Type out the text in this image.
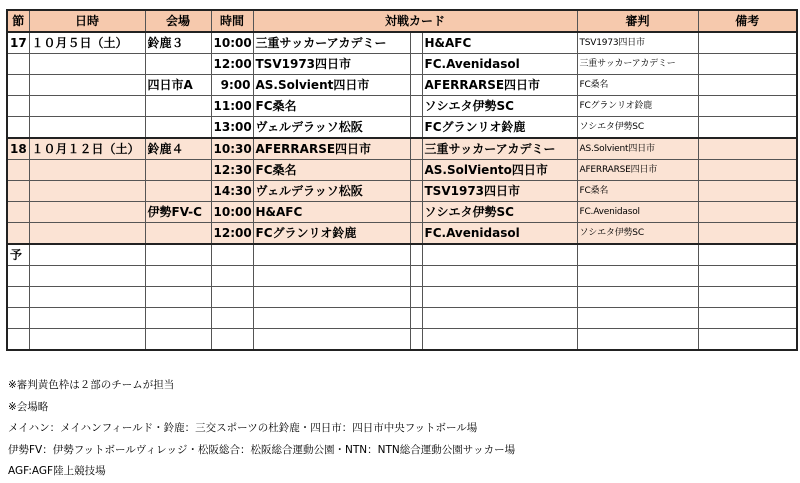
節	日時	会場	時間	対戦カード			審判	備考
17	１０月５日（土）	鈴鹿３	10:00	三重サッカーアカデミー		H&AFC	TSV1973四日市	
			12:00	TSV1973四日市		FC.Avenidasol	三重サッカーアカデミー	
		四日市A	9:00	AS.Solvient四日市		AFERRARSE四日市	FC桑名	
			11:00	FC桑名		ソシエタ伊勢SC	FCグランリオ鈴鹿	
			13:00	ヴェルデラッソ松阪		FCグランリオ鈴鹿	ソシエタ伊勢SC	
18	１０月１２日（土）	鈴鹿４	10:30	AFERRARSE四日市		三重サッカーアカデミー	AS.Solvient四日市	
			12:30	FC桑名		AS.SolViento四日市	AFERRARSE四日市	
			14:30	ヴェルデラッソ松阪		TSV1973四日市	FC桑名	
		伊勢FV-C	10:00	H&AFC		ソシエタ伊勢SC	FC.Avenidasol	
			12:00	FCグランリオ鈴鹿		FC.Avenidasol	ソシエタ伊勢SC	
予								

※審判黄色枠は２部のチームが担当

※会場略

メイハン：メイハンフィールド・鈴鹿：三交スポーツの杜鈴鹿・四日市：四日市中央フットボール場

伊勢FV：伊勢フットボールヴィレッジ・松阪総合：松阪総合運動公園・NTN：NTN総合運動公園サッカー場

AGF:AGF陸上競技場
